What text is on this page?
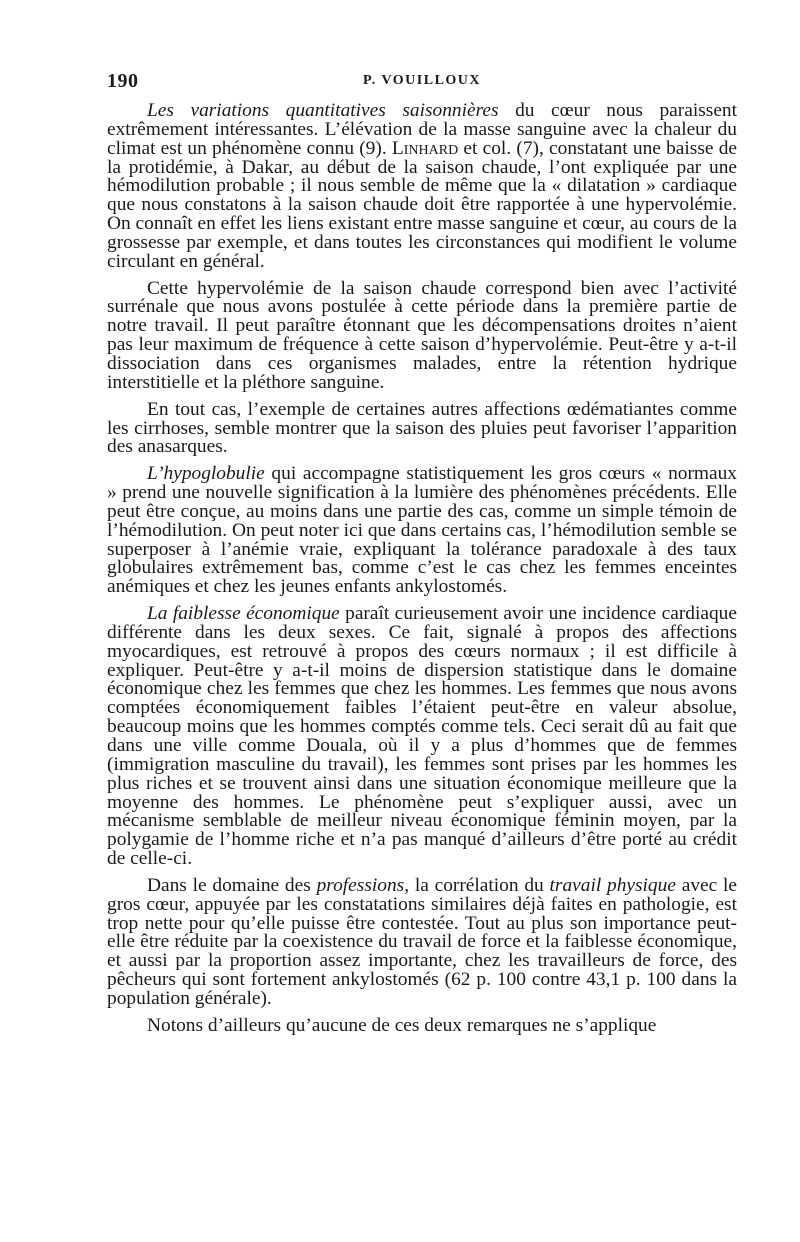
190	P. VOUILLOUX

Les variations quantitatives saisonnières du cœur nous paraissent extrêmement intéressantes. L’élévation de la masse sanguine avec la chaleur du climat est un phénomène connu (9). Linhard et col. (7), constatant une baisse de la protidémie, à Dakar, au début de la saison chaude, l’ont expliquée par une hémodilution probable ; il nous semble de même que la « dilatation » cardiaque que nous constatons à la saison chaude doit être rapportée à une hypervolémie. On connaît en effet les liens existant entre masse sanguine et cœur, au cours de la grossesse par exemple, et dans toutes les circonstances qui modifient le volume circulant en général.

Cette hypervolémie de la saison chaude correspond bien avec l’activité surrénale que nous avons postulée à cette période dans la première partie de notre travail. Il peut paraître étonnant que les décompensations droites n’aient pas leur maximum de fréquence à cette saison d’hypervolémie. Peut-être y a-t-il dissociation dans ces organismes malades, entre la rétention hydrique interstitielle et la pléthore sanguine.

En tout cas, l’exemple de certaines autres affections œdématiantes comme les cirrhoses, semble montrer que la saison des pluies peut favoriser l’apparition des anasarques.

L’hypoglobulie qui accompagne statistiquement les gros cœurs « normaux » prend une nouvelle signification à la lumière des phénomènes précédents. Elle peut être conçue, au moins dans une partie des cas, comme un simple témoin de l’hémodilution. On peut noter ici que dans certains cas, l’hémodilution semble se superposer à l’anémie vraie, expliquant la tolérance paradoxale à des taux globulaires extrêmement bas, comme c’est le cas chez les femmes enceintes anémiques et chez les jeunes enfants ankylostomés.

La faiblesse économique paraît curieusement avoir une incidence cardiaque différente dans les deux sexes. Ce fait, signalé à propos des affections myocardiques, est retrouvé à propos des cœurs normaux ; il est difficile à expliquer. Peut-être y a-t-il moins de dispersion statistique dans le domaine économique chez les femmes que chez les hommes. Les femmes que nous avons comptées économiquement faibles l’étaient peut-être en valeur absolue, beaucoup moins que les hommes comptés comme tels. Ceci serait dû au fait que dans une ville comme Douala, où il y a plus d’hommes que de femmes (immigration masculine du travail), les femmes sont prises par les hommes les plus riches et se trouvent ainsi dans une situation économique meilleure que la moyenne des hommes. Le phénomène peut s’expliquer aussi, avec un mécanisme semblable de meilleur niveau économique féminin moyen, par la polygamie de l’homme riche et n’a pas manqué d’ailleurs d’être porté au crédit de celle-ci.

Dans le domaine des professions, la corrélation du travail physique avec le gros cœur, appuyée par les constatations similaires déjà faites en pathologie, est trop nette pour qu’elle puisse être contestée. Tout au plus son importance peut-elle être réduite par la coexistence du travail de force et la faiblesse économique, et aussi par la proportion assez importante, chez les travailleurs de force, des pêcheurs qui sont fortement ankylostomés (62 p. 100 contre 43,1 p. 100 dans la population générale).

Notons d’ailleurs qu’aucune de ces deux remarques ne s’applique
